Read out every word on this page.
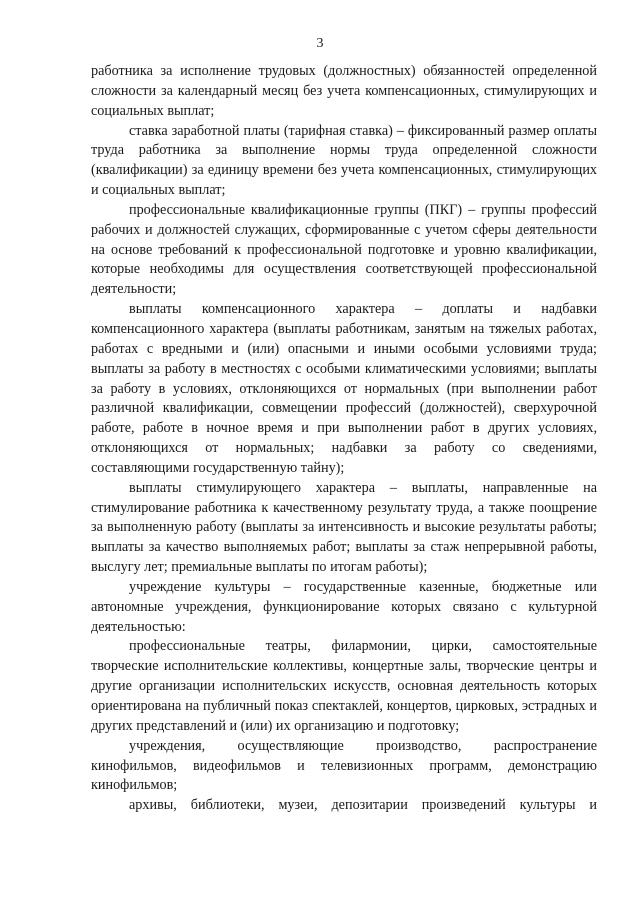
3

работника за исполнение трудовых (должностных) обязанностей определенной сложности за календарный месяц без учета компенсационных, стимулирующих и социальных выплат;

ставка заработной платы (тарифная ставка) – фиксированный размер оплаты труда работника за выполнение нормы труда определенной сложности (квалификации) за единицу времени без учета компенсационных, стимулирующих и социальных выплат;

профессиональные квалификационные группы (ПКГ) – группы профессий рабочих и должностей служащих, сформированные с учетом сферы деятельности на основе требований к профессиональной подготовке и уровню квалификации, которые необходимы для осуществления соответствующей профессиональной деятельности;

выплаты компенсационного характера – доплаты и надбавки компенсационного характера (выплаты работникам, занятым на тяжелых работах, работах с вредными и (или) опасными и иными особыми условиями труда; выплаты за работу в местностях с особыми климатическими условиями; выплаты за работу в условиях, отклоняющихся от нормальных (при выполнении работ различной квалификации, совмещении профессий (должностей), сверхурочной работе, работе в ночное время и при выполнении работ в других условиях, отклоняющихся от нормальных; надбавки за работу со сведениями, составляющими государственную тайну);

выплаты стимулирующего характера – выплаты, направленные на стимулирование работника к качественному результату труда, а также поощрение за выполненную работу (выплаты за интенсивность и высокие результаты работы; выплаты за качество выполняемых работ; выплаты за стаж непрерывной работы, выслугу лет; премиальные выплаты по итогам работы);

учреждение культуры – государственные казенные, бюджетные или автономные учреждения, функционирование которых связано с культурной деятельностью:

профессиональные театры, филармонии, цирки, самостоятельные творческие исполнительские коллективы, концертные залы, творческие центры и другие организации исполнительских искусств, основная деятельность которых ориентирована на публичный показ спектаклей, концертов, цирковых, эстрадных и других представлений и (или) их организацию и подготовку;

учреждения, осуществляющие производство, распространение кинофильмов, видеофильмов и телевизионных программ, демонстрацию кинофильмов;

архивы, библиотеки, музеи, депозитарии произведений культуры и
